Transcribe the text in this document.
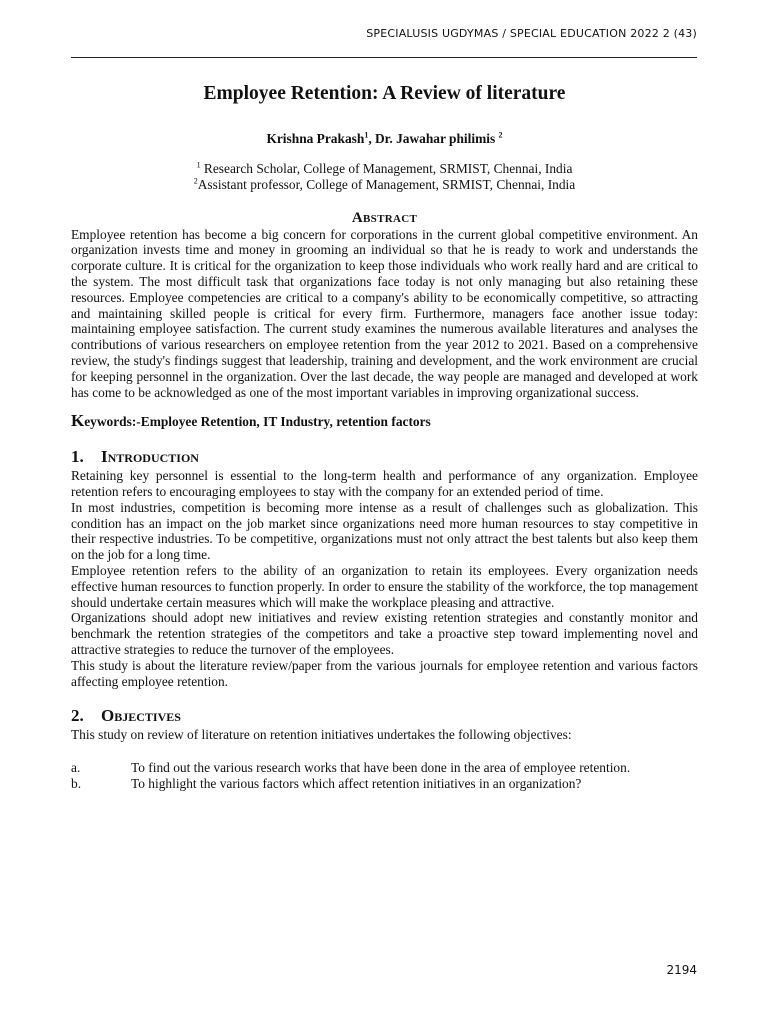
SPECIALUSIS UGDYMAS / SPECIAL EDUCATION 2022 2 (43)
Employee Retention: A Review of literature
Krishna Prakash$^1$, Dr. Jawahar philimis $^2$
$^1$ Research Scholar, College of Management, SRMIST, Chennai, India
$^2$Assistant professor, College of Management, SRMIST, Chennai, India
Abstract

Employee retention has become a big concern for corporations in the current global competitive environment. An organization invests time and money in grooming an individual so that he is ready to work and understands the corporate culture. It is critical for the organization to keep those individuals who work really hard and are critical to the system. The most difficult task that organizations face today is not only managing but also retaining these resources. Employee competencies are critical to a company's ability to be economically competitive, so attracting and maintaining skilled people is critical for every firm. Furthermore, managers face another issue today: maintaining employee satisfaction. The current study examines the numerous available literatures and analyses the contributions of various researchers on employee retention from the year 2012 to 2021. Based on a comprehensive review, the study's findings suggest that leadership, training and development, and the work environment are crucial for keeping personnel in the organization. Over the last decade, the way people are managed and developed at work has come to be acknowledged as one of the most important variables in improving organizational success.

Keywords:-Employee Retention, IT Industry, retention factors
1. Introduction

Retaining key personnel is essential to the long-term health and performance of any organization. Employee retention refers to encouraging employees to stay with the company for an extended period of time.

In most industries, competition is becoming more intense as a result of challenges such as globalization. This condition has an impact on the job market since organizations need more human resources to stay competitive in their respective industries. To be competitive, organizations must not only attract the best talents but also keep them on the job for a long time.

Employee retention refers to the ability of an organization to retain its employees. Every organization needs effective human resources to function properly. In order to ensure the stability of the workforce, the top management should undertake certain measures which will make the workplace pleasing and attractive.

Organizations should adopt new initiatives and review existing retention strategies and constantly monitor and benchmark the retention strategies of the competitors and take a proactive step toward implementing novel and attractive strategies to reduce the turnover of the employees.

This study is about the literature review/paper from the various journals for employee retention and various factors affecting employee retention.

2. Objectives

This study on review of literature on retention initiatives undertakes the following objectives:

a.	To find out the various research works that have been done in the area of employee retention.
b.	To highlight the various factors which affect retention initiatives in an organization?
2194
